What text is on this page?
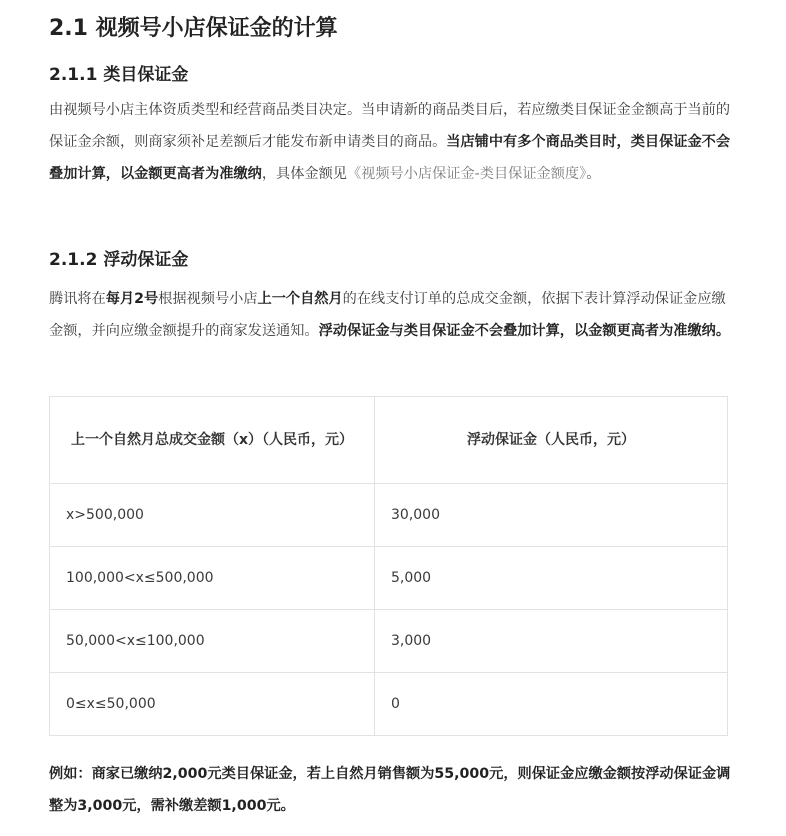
2.1 视频号小店保证金的计算
2.1.1 类目保证金

由视频号小店主体资质类型和经营商品类目决定。当申请新的商品类目后，若应缴类目保证金金额高于当前的保证金余额，则商家须补足差额后才能发布新申请类目的商品。当店铺中有多个商品类目时，类目保证金不会叠加计算，以金额更高者为准缴纳，具体金额见《视频号小店保证金-类目保证金额度》。

2.1.2 浮动保证金

腾讯将在每月2号根据视频号小店上一个自然月的在线支付订单的总成交金额，依据下表计算浮动保证金应缴金额，并向应缴金额提升的商家发送通知。浮动保证金与类目保证金不会叠加计算，以金额更高者为准缴纳。

上一个自然月总成交金额（x）（人民币，元）	浮动保证金（人民币，元）
x>500,000	30,000
100,000<x≤500,000	5,000
50,000<x≤100,000	3,000
0≤x≤50,000	0

例如：商家已缴纳2,000元类目保证金，若上自然月销售额为55,000元，则保证金应缴金额按浮动保证金调整为3,000元，需补缴差额1,000元。
